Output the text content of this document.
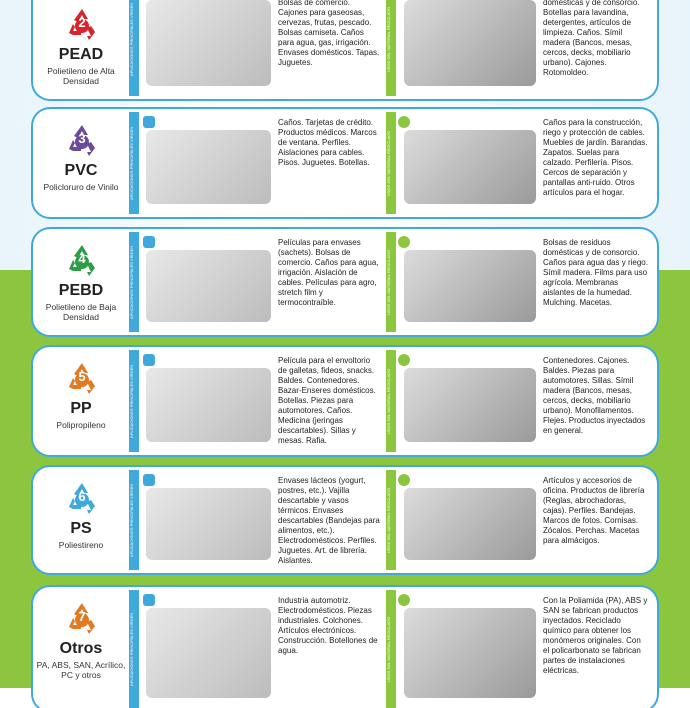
2
PEAD
Polietileno de Alta Densidad
APLICACIONES PRINCIPALES VIRGEN	Bolsas de comercio. Cajones para gaseosas, cervezas, frutas, pescado. Bolsas camiseta. Caños para agua, gas, irrigación. Envases domésticos. Tapas. Juguetes.	USOS DEL MATERIAL RECICLADO
domésticas y de consorcio. Botellas para lavandina, detergentes, artículos de limpieza. Caños. Símil madera (Bancos, mesas, cercos, decks, mobiliario urbano). Cajones. Rotomoldeo.
3
PVC
Policloruro de Vinilo	APLICACIONES PRINCIPALES VIRGEN
Caños. Tarjetas de crédito. Productos médicos. Marcos de ventana. Perfiles. Aislaciones para cables. Pisos. Juguetes. Botellas.	USOS DEL MATERIAL RECICLADO
Caños para la construcción, riego y protección de cables. Muebles de jardín. Barandas. Zapatos. Suelas para calzado. Perfilería. Pisos. Cercos de separación y pantallas anti-ruido. Otros artículos para el hogar.
4
PEBD
Polietileno de Baja Densidad	APLICACIONES PRINCIPALES VIRGEN
Películas para envases (sachets). Bolsas de comercio. Caños para agua, irrigación. Aislación de cables. Películas para agro, stretch film y termocontraíble.	USOS DEL MATERIAL RECICLADO
Bolsas de residuos domésticas y de consorcio. Caños para agua das y riego. Símil madera. Films para uso agrícola. Membranas aislantes de la humedad. Mulching. Macetas.
5
PP
Polipropileno	APLICACIONES PRINCIPALES VIRGEN
Película para el envoltorio de galletas, fideos, snacks. Baldes. Contenedores. Bazar-Enseres domésticos. Botellas. Piezas para automotores. Caños. Medicina (jeringas descartables). Sillas y mesas. Rafia.
USOS DEL MATERIAL RECICLADO
Contenedores. Cajones. Baldes. Piezas para automotores. Sillas. Símil madera (Bancos, mesas, cercos, decks, mobiliario urbano). Monofilamentos. Flejes. Productos inyectados en general.
6
PS
Poliestireno	APLICACIONES PRINCIPALES VIRGEN
Envases lácteos (yogurt, postres, etc.). Vajilla descartable y vasos térmicos. Envases descartables (Bandejas para alimentos, etc.). Electrodomésticos. Perfiles. Juguetes. Art. de librería. Aislantes.
USOS DEL MATERIAL RECICLADO
Artículos y accesorios de oficina. Productos de librería (Reglas, abrochadoras, cajas). Perfiles. Bandejas. Marcos de fotos. Cornisas. Zócalos. Perchas. Macetas para almácigos.
7
Otros
PA, ABS, SAN, Acrílico, PC y otros	APLICACIONES PRINCIPALES VIRGEN
Industria automotriz. Electrodomésticos. Piezas industriales. Colchones. Artículos electrónicos. Construcción. Botellones de agua.	USOS DEL MATERIAL RECICLADO
Con la Poliamida (PA), ABS y SAN se fabrican productos inyectados. Reciclado químico para obtener los monómeros originales. Con el policarbonato se fabrican partes de instalaciones eléctricas.
